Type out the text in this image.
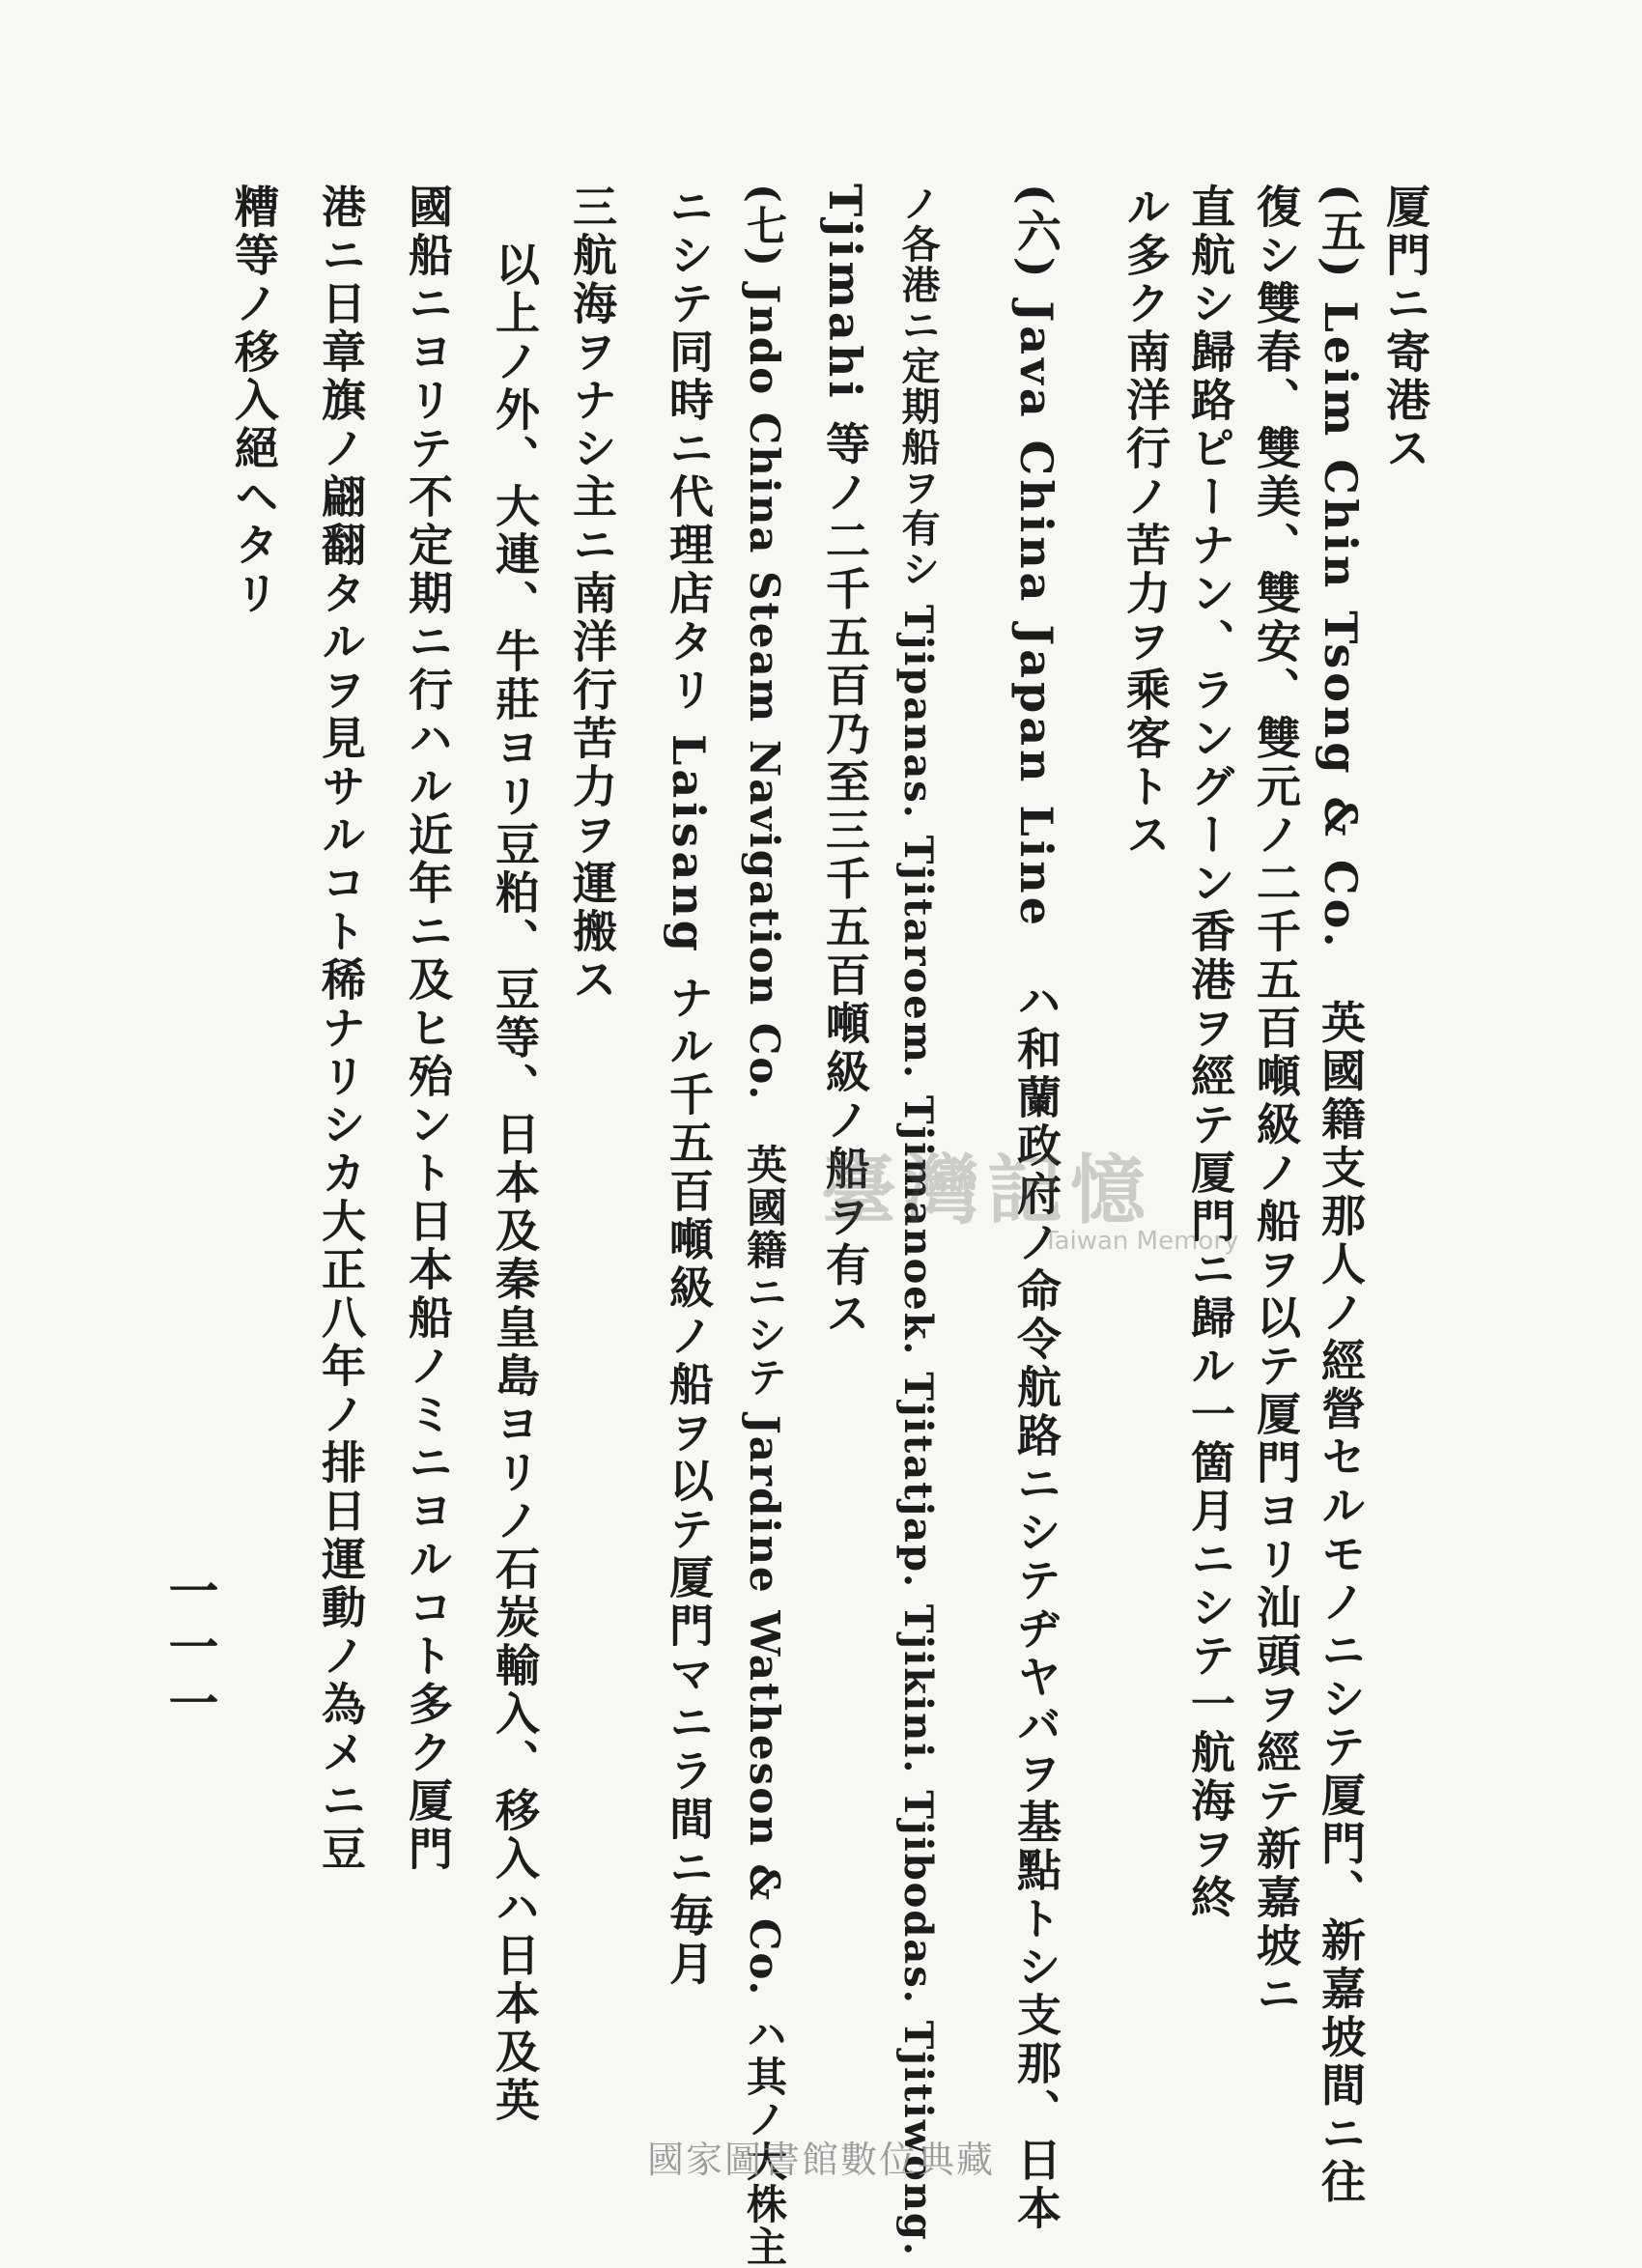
厦門ニ寄港ス
(五) Leim Chin Tsong & Co.　英國籍支那人ノ經營セルモノニシテ厦門、新嘉坡間ニ往
復シ雙春、雙美、雙安、雙元ノ二千五百噸級ノ船ヲ以テ厦門ヨリ汕頭ヲ經テ新嘉坡ニ
直航シ歸路ピーナン、ラングーン香港ヲ經テ厦門ニ歸ル一箇月ニシテ一航海ヲ終
ル多ク南洋行ノ苦力ヲ乘客トス
(六) Java China Japan Line　ハ和蘭政府ノ命令航路ニシテヂヤバヲ基點トシ支那、日本
ノ各港ニ定期船ヲ有シ Tjipanas. Tjitaroem. Tjimanoek. Tjitatjap. Tjikini. Tjibodas. Tjitiwong.
Tjimahi 等ノ二千五百乃至三千五百噸級ノ船ヲ有ス
(七) Jndo China Steam Navigation Co.　英國籍ニシテ Jardine Watheson & Co. ハ其ノ大株主
ニシテ同時ニ代理店タリ Laisang ナル千五百噸級ノ船ヲ以テ厦門マニラ間ニ毎月
三航海ヲナシ主ニ南洋行苦力ヲ運搬ス
以上ノ外、大連、牛莊ヨリ豆粕、豆等、日本及秦皇島ヨリノ石炭輸入、移入ハ日本及英
國船ニヨリテ不定期ニ行ハル近年ニ及ヒ殆ント日本船ノミニヨルコト多ク厦門
港ニ日章旗ノ翩翻タルヲ見サルコト稀ナリシカ大正八年ノ排日運動ノ為メニ豆
糟等ノ移入絕ヘタリ
一一一
臺灣記憶
Taiwan Memory
國家圖書館數位典藏
